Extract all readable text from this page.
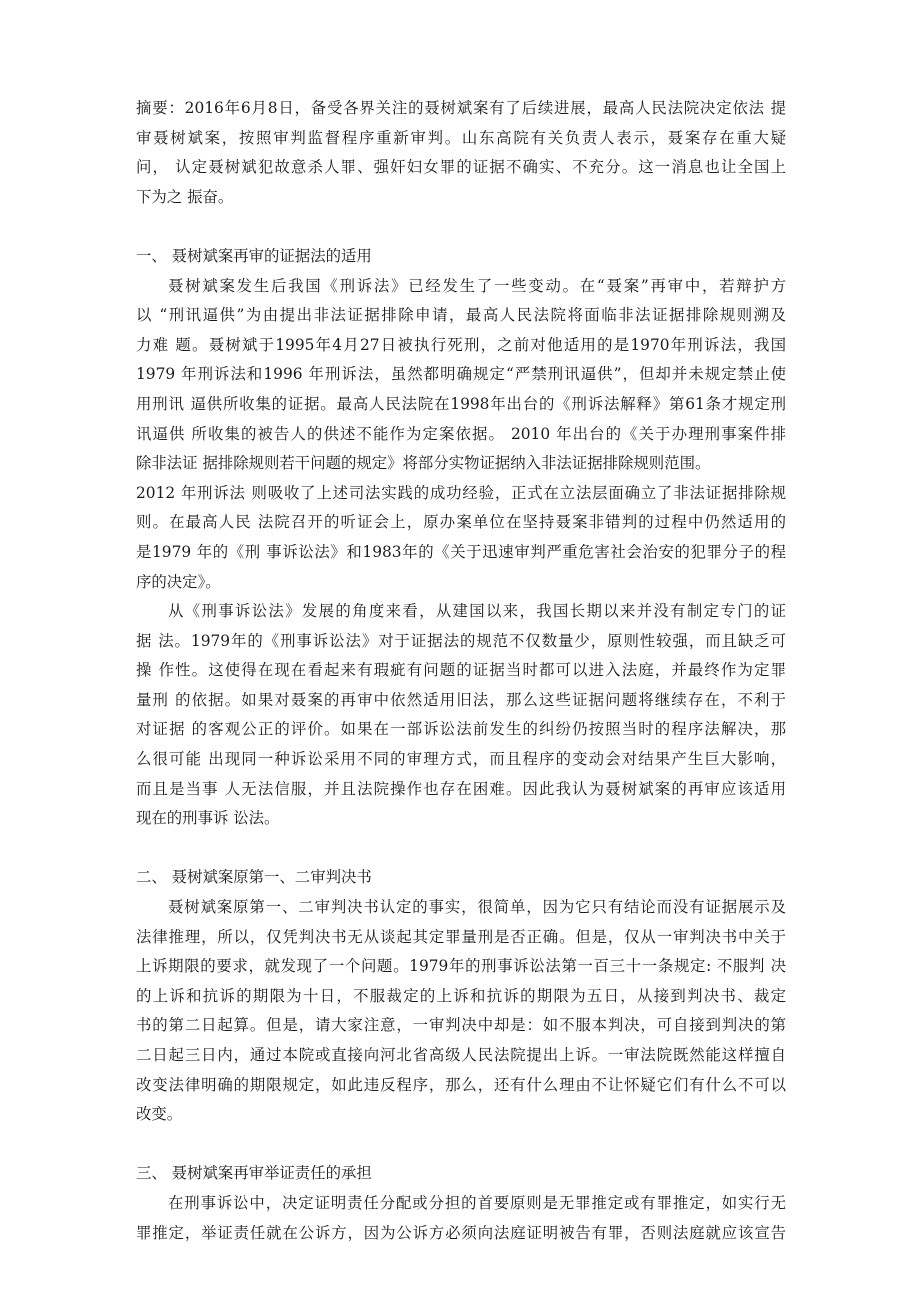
摘要：2016年6月8日，备受各界关注的聂树斌案有了后续进展，最高人民法院决定依法 提
审聂树斌案，按照审判监督程序重新审判。山东高院有关负责人表示，聂案存在重大疑
问， 认定聂树斌犯故意杀人罪、强奸妇女罪的证据不确实、不充分。这一消息也让全国上
下为之 振奋。
一、 聂树斌案再审的证据法的适用
聂树斌案发生后我国《刑诉法》已经发生了一些变动。在“聂案”再审中，若辩护方
以 “刑讯逼供”为由提出非法证据排除申请，最高人民法院将面临非法证据排除规则溯及
力难 题。聂树斌于1995年4月27日被执行死刑，之前对他适用的是1970年刑诉法，我国
1979 年刑诉法和1996 年刑诉法，虽然都明确规定“严禁刑讯逼供”，但却并未规定禁止使
用刑讯 逼供所收集的证据。最高人民法院在1998年出台的《刑诉法解释》第61条才规定刑
讯逼供 所收集的被告人的供述不能作为定案依据。 2010 年出台的《关于办理刑事案件排
除非法证 据排除规则若干问题的规定》将部分实物证据纳入非法证据排除规则范围。
2012 年刑诉法 则吸收了上述司法实践的成功经验，正式在立法层面确立了非法证据排除规
则。在最高人民 法院召开的听证会上，原办案单位在坚持聂案非错判的过程中仍然适用的
是1979 年的《刑 事诉讼法》和1983年的《关于迅速审判严重危害社会治安的犯罪分子的程
序的决定》。
从《刑事诉讼法》发展的角度来看，从建国以来，我国长期以来并没有制定专门的证
据 法。1979年的《刑事诉讼法》对于证据法的规范不仅数量少，原则性较强，而且缺乏可
操 作性。这使得在现在看起来有瑕疵有问题的证据当时都可以进入法庭，并最终作为定罪
量刑 的依据。如果对聂案的再审中依然适用旧法，那么这些证据问题将继续存在，不利于
对证据 的客观公正的评价。如果在一部诉讼法前发生的纠纷仍按照当时的程序法解决，那
么很可能 出现同一种诉讼采用不同的审理方式，而且程序的变动会对结果产生巨大影响，
而且是当事 人无法信服，并且法院操作也存在困难。因此我认为聂树斌案的再审应该适用
现在的刑事诉 讼法。
二、 聂树斌案原第一、二审判决书
聂树斌案原第一、二审判决书认定的事实，很简单，因为它只有结论而没有证据展示及
法律推理，所以，仅凭判决书无从谈起其定罪量刑是否正确。但是，仅从一审判决书中关于
上诉期限的要求，就发现了一个问题。1979年的刑事诉讼法第一百三十一条规定: 不服判 决
的上诉和抗诉的期限为十日，不服裁定的上诉和抗诉的期限为五日，从接到判决书、裁定
书的第二日起算。但是，请大家注意，一审判决中却是：如不服本判决，可自接到判决的第
二日起三日内，通过本院或直接向河北省高级人民法院提出上诉。一审法院既然能这样擅自
改变法律明确的期限规定，如此违反程序，那么，还有什么理由不让怀疑它们有什么不可以
改变。
三、 聂树斌案再审举证责任的承担
在刑事诉讼中，决定证明责任分配或分担的首要原则是无罪推定或有罪推定，如实行无
罪推定，举证责任就在公诉方，因为公诉方必须向法庭证明被告有罪，否则法庭就应该宣告
